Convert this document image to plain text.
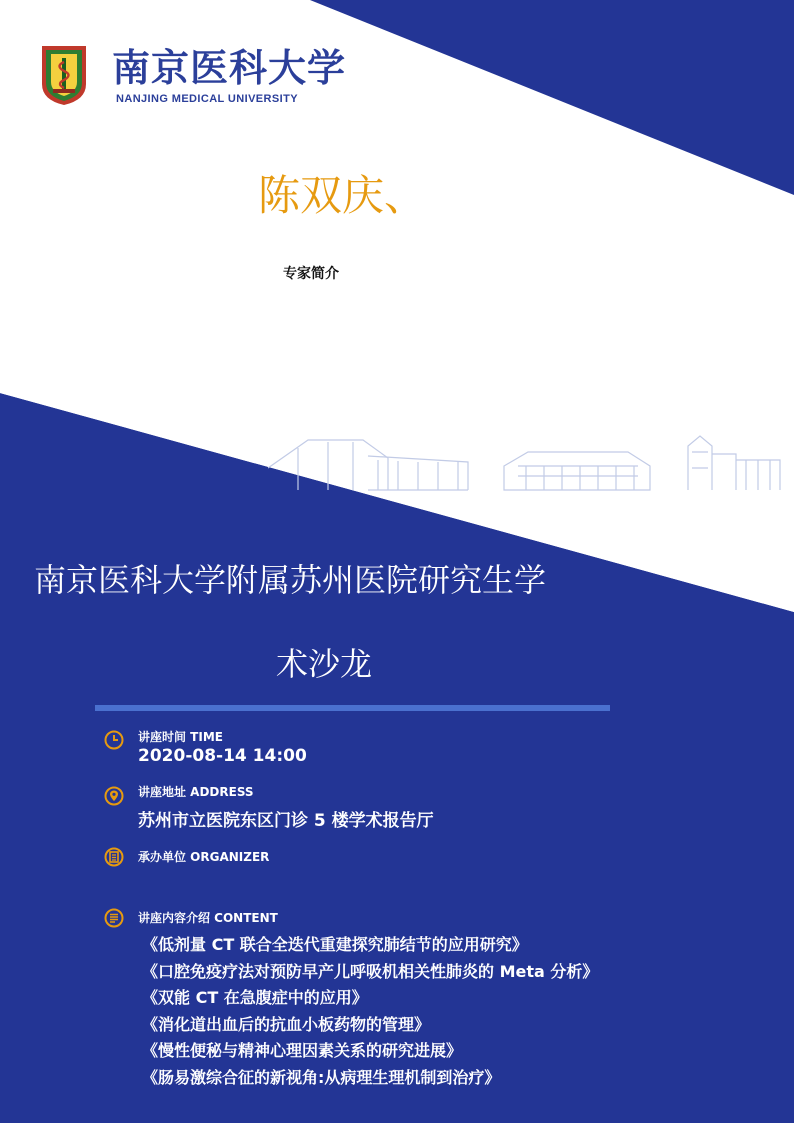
南京医科大学
NANJING MEDICAL UNIVERSITY
陈双庆、
专家简介
南京医科大学附属苏州医院研究生学
术沙龙
讲座时间 TIME
2020-08-14 14:00
讲座地址 ADDRESS
苏州市立医院东区门诊 5 楼学术报告厅
承办单位 ORGANIZER
讲座内容介绍 CONTENT
《低剂量 CT 联合全迭代重建探究肺结节的应用研究》
《口腔免疫疗法对预防早产儿呼吸机相关性肺炎的 Meta 分析》
《双能 CT 在急腹症中的应用》
《消化道出血后的抗血小板药物的管理》
《慢性便秘与精神心理因素关系的研究进展》
《肠易激综合征的新视角:从病理生理机制到治疗》
